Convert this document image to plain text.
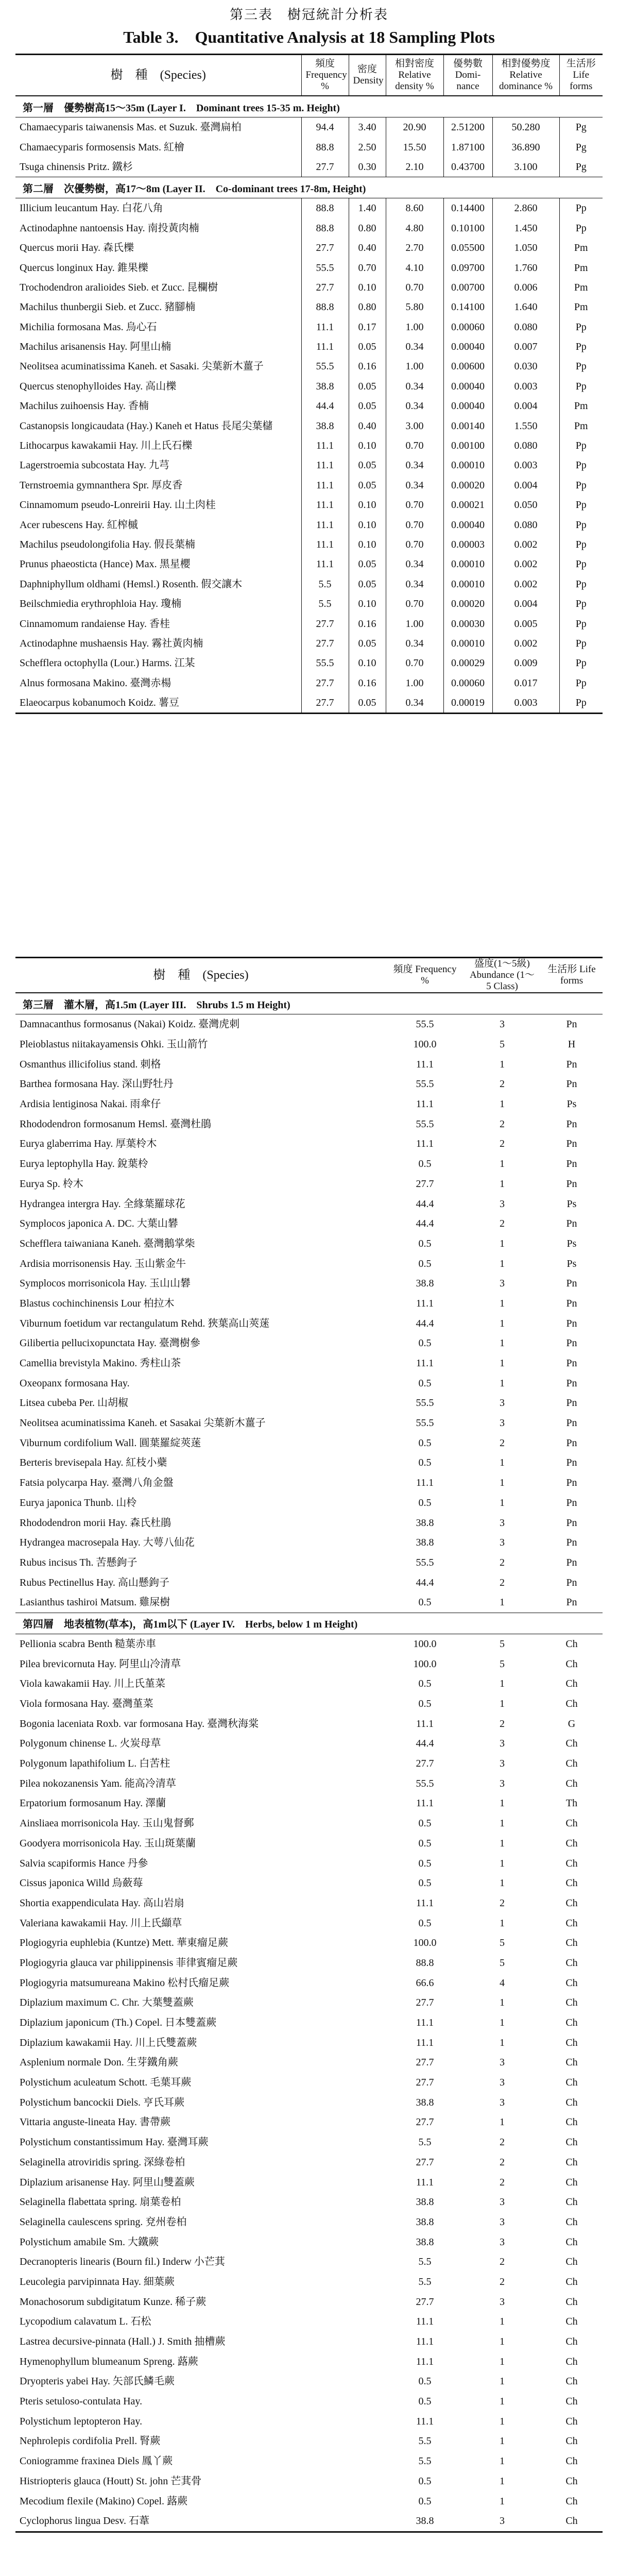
第三表　樹冠統計分析表
Table 3.　Quantitative Analysis at 18 Sampling Plots
樹　種　(Species)	頻度 Frequency %	密度 Density	相對密度 Relative density %	優勢數 Domi-nance	相對優勢度 Relative dominance %	生活形 Life forms
第一層　優勢樹高15～35m (Layer I.　Dominant trees 15-35 m. Height)						
Chamaecyparis taiwanensis Mas. et Suzuk. 臺灣扁柏	94.4	3.40	20.90	2.51200	50.280	Pg
Chamaecyparis formosensis Mats. 紅檜	88.8	2.50	15.50	1.87100	36.890	Pg
Tsuga chinensis Pritz. 鐵杉	27.7	0.30	2.10	0.43700	3.100	Pg
第二層　次優勢樹，高17～8m (Layer II.　Co-dominant trees 17-8m, Height)						
Illicium leucantum Hay. 白花八角	88.8	1.40	8.60	0.14400	2.860	Pp
Actinodaphne nantoensis Hay. 南投黃肉楠	88.8	0.80	4.80	0.10100	1.450	Pp
Quercus morii Hay. 森氏櫟	27.7	0.40	2.70	0.05500	1.050	Pm
Quercus longinux Hay. 錐果櫟	55.5	0.70	4.10	0.09700	1.760	Pm
Trochodendron aralioides Sieb. et Zucc. 昆欄樹	27.7	0.10	0.70	0.00700	0.006	Pm
Machilus thunbergii Sieb. et Zucc. 豬腳楠	88.8	0.80	5.80	0.14100	1.640	Pm
Michilia formosana Mas. 烏心石	11.1	0.17	1.00	0.00060	0.080	Pp
Machilus arisanensis Hay. 阿里山楠	11.1	0.05	0.34	0.00040	0.007	Pp
Neolitsea acuminatissima Kaneh. et Sasaki. 尖葉新木薑子	55.5	0.16	1.00	0.00600	0.030	Pp
Quercus stenophylloides Hay. 高山櫟	38.8	0.05	0.34	0.00040	0.003	Pp
Machilus zuihoensis Hay. 香楠	44.4	0.05	0.34	0.00040	0.004	Pm
Castanopsis longicaudata (Hay.) Kaneh et Hatus 長尾尖葉櫧	38.8	0.40	3.00	0.00140	1.550	Pm
Lithocarpus kawakamii Hay. 川上氏石櫟	11.1	0.10	0.70	0.00100	0.080	Pp
Lagerstroemia subcostata Hay. 九芎	11.1	0.05	0.34	0.00010	0.003	Pp
Ternstroemia gymnanthera Spr. 厚皮香	11.1	0.05	0.34	0.00020	0.004	Pp
Cinnamomum pseudo-Lonreirii Hay. 山土肉桂	11.1	0.10	0.70	0.00021	0.050	Pp
Acer rubescens Hay. 紅榨槭	11.1	0.10	0.70	0.00040	0.080	Pp
Machilus pseudolongifolia Hay. 假長葉楠	11.1	0.10	0.70	0.00003	0.002	Pp
Prunus phaeosticta (Hance) Max. 黑星櫻	11.1	0.05	0.34	0.00010	0.002	Pp
Daphniphyllum oldhami (Hemsl.) Rosenth. 假交讓木	5.5	0.05	0.34	0.00010	0.002	Pp
Beilschmiedia erythrophloia Hay. 瓊楠	5.5	0.10	0.70	0.00020	0.004	Pp
Cinnamomum randaiense Hay. 香桂	27.7	0.16	1.00	0.00030	0.005	Pp
Actinodaphne mushaensis Hay. 霧社黃肉楠	27.7	0.05	0.34	0.00010	0.002	Pp
Schefflera octophylla (Lour.) Harms. 江某	55.5	0.10	0.70	0.00029	0.009	Pp
Alnus formosana Makino. 臺灣赤楊	27.7	0.16	1.00	0.00060	0.017	Pp
Elaeocarpus kobanumoch Koidz. 薯豆	27.7	0.05	0.34	0.00019	0.003	Pp
樹　種　(Species)	頻度 Frequency %	盛度(1～5級) Abundance (1～5 Class)	生活形 Life forms
第三層　灌木層，高1.5m (Layer III.　Shrubs 1.5 m Height)			
Damnacanthus formosanus (Nakai) Koidz. 臺灣虎刺	55.5	3	Pn
Pleioblastus niitakayamensis Ohki. 玉山箭竹	100.0	5	H
Osmanthus illicifolius stand. 刺格	11.1	1	Pn
Barthea formosana Hay. 深山野牡丹	55.5	2	Pn
Ardisia lentiginosa Nakai. 雨傘仔	11.1	1	Ps
Rhododendron formosanum Hemsl. 臺灣杜鵑	55.5	2	Pn
Eurya glaberrima Hay. 厚葉柃木	11.1	2	Pn
Eurya leptophylla Hay. 銳葉柃	0.5	1	Pn
Eurya Sp. 柃木	27.7	1	Pn
Hydrangea intergra Hay. 全緣葉羅球花	44.4	3	Ps
Symplocos japonica A. DC. 大葉山礬	44.4	2	Pn
Schefflera taiwaniana Kaneh. 臺灣鵝掌柴	0.5	1	Ps
Ardisia morrisonensis Hay. 玉山紫金牛	0.5	1	Ps
Symplocos morrisonicola Hay. 玉山山礬	38.8	3	Pn
Blastus cochinchinensis Lour 柏拉木	11.1	1	Pn
Viburnum foetidum var rectangulatum Rehd. 狹葉高山莢蒾	44.4	1	Pn
Gilibertia pellucixopunctata Hay. 臺灣樹參	0.5	1	Pn
Camellia brevistyla Makino. 秀柱山茶	11.1	1	Pn
Oxeopanx formosana Hay.	0.5	1	Pn
Litsea cubeba Per. 山胡椒	55.5	3	Pn
Neolitsea acuminatissima Kaneh. et Sasakai 尖葉新木薑子	55.5	3	Pn
Viburnum cordifolium Wall. 圓葉羅綻莢蒾	0.5	2	Pn
Berteris brevisepala Hay. 紅枝小蘗	0.5	1	Pn
Fatsia polycarpa Hay. 臺灣八角金盤	11.1	1	Pn
Eurya japonica Thunb. 山柃	0.5	1	Pn
Rhododendron morii Hay. 森氏杜鵑	38.8	3	Pn
Hydrangea macrosepala Hay. 大萼八仙花	38.8	3	Pn
Rubus incisus Th. 苦懸鉤子	55.5	2	Pn
Rubus Pectinellus Hay. 高山懸鉤子	44.4	2	Pn
Lasianthus tashiroi Matsum. 雞屎樹	0.5	1	Pn
第四層　地表植物(草本)，高1m以下 (Layer IV.　Herbs, below 1 m Height)			
Pellionia scabra Benth 糙葉赤車	100.0	5	Ch
Pilea brevicornuta Hay. 阿里山冷清草	100.0	5	Ch
Viola kawakamii Hay. 川上氏堇菜	0.5	1	Ch
Viola formosana Hay. 臺灣堇菜	0.5	1	Ch
Bogonia laceniata Roxb. var formosana Hay. 臺灣秋海棠	11.1	2	G
Polygonum chinense L. 火炭母草	44.4	3	Ch
Polygonum lapathifolium L. 白苦柱	27.7	3	Ch
Pilea nokozanensis Yam. 能高冷清草	55.5	3	Ch
Erpatorium formosanum Hay. 澤蘭	11.1	1	Th
Ainsliaea morrisonicola Hay. 玉山鬼督郵	0.5	1	Ch
Goodyera morrisonicola Hay. 玉山斑葉蘭	0.5	1	Ch
Salvia scapiformis Hance 丹參	0.5	1	Ch
Cissus japonica Willd 烏蘞莓	0.5	1	Ch
Shortia exappendiculata Hay. 高山岩扇	11.1	2	Ch
Valeriana kawakamii Hay. 川上氏纈草	0.5	1	Ch
Plogiogyria euphlebia (Kuntze) Mett. 華東瘤足蕨	100.0	5	Ch
Plogiogyria glauca var philippinensis 菲律賓瘤足蕨	88.8	5	Ch
Plogiogyria matsumureana Makino 松村氏瘤足蕨	66.6	4	Ch
Diplazium maximum C. Chr. 大葉雙蓋蕨	27.7	1	Ch
Diplazium japonicum (Th.) Copel. 日本雙蓋蕨	11.1	1	Ch
Diplazium kawakamii Hay. 川上氏雙蓋蕨	11.1	1	Ch
Asplenium normale Don. 生芽鐵角蕨	27.7	3	Ch
Polystichum aculeatum Schott. 毛葉耳蕨	27.7	3	Ch
Polystichum bancockii Diels. 亨氏耳蕨	38.8	3	Ch
Vittaria anguste-lineata Hay. 書帶蕨	27.7	1	Ch
Polystichum constantissimum Hay. 臺灣耳蕨	5.5	2	Ch
Selaginella atroviridis spring. 深綠卷柏	27.7	2	Ch
Diplazium arisanense Hay. 阿里山雙蓋蕨	11.1	2	Ch
Selaginella flabettata spring. 扇葉卷柏	38.8	3	Ch
Selaginella caulescens spring. 兗州卷柏	38.8	3	Ch
Polystichum amabile Sm. 大鐵蕨	38.8	3	Ch
Decranopteris linearis (Bourn fil.) Inderw 小芒萁	5.5	2	Ch
Leucolegia parvipinnata Hay. 細葉蕨	5.5	2	Ch
Monachosorum subdigitatum Kunze. 稀子蕨	27.7	3	Ch
Lycopodium calavatum L. 石松	11.1	1	Ch
Lastrea decursive-pinnata (Hall.) J. Smith 抽槽蕨	11.1	1	Ch
Hymenophyllum blumeanum Spreng. 蕗蕨	11.1	1	Ch
Dryopteris yabei Hay. 矢部氏鱗毛蕨	0.5	1	Ch
Pteris setuloso-contulata Hay.	0.5	1	Ch
Polystichum leptopteron Hay.	11.1	1	Ch
Nephrolepis cordifolia Prell. 腎蕨	5.5	1	Ch
Coniogramme fraxinea Diels 鳳丫蕨	5.5	1	Ch
Histriopteris glauca (Houtt) St. john 芒萁骨	0.5	1	Ch
Mecodium flexile (Makino) Copel. 蕗蕨	0.5	1	Ch
Cyclophorus lingua Desv. 石葦	38.8	3	Ch
